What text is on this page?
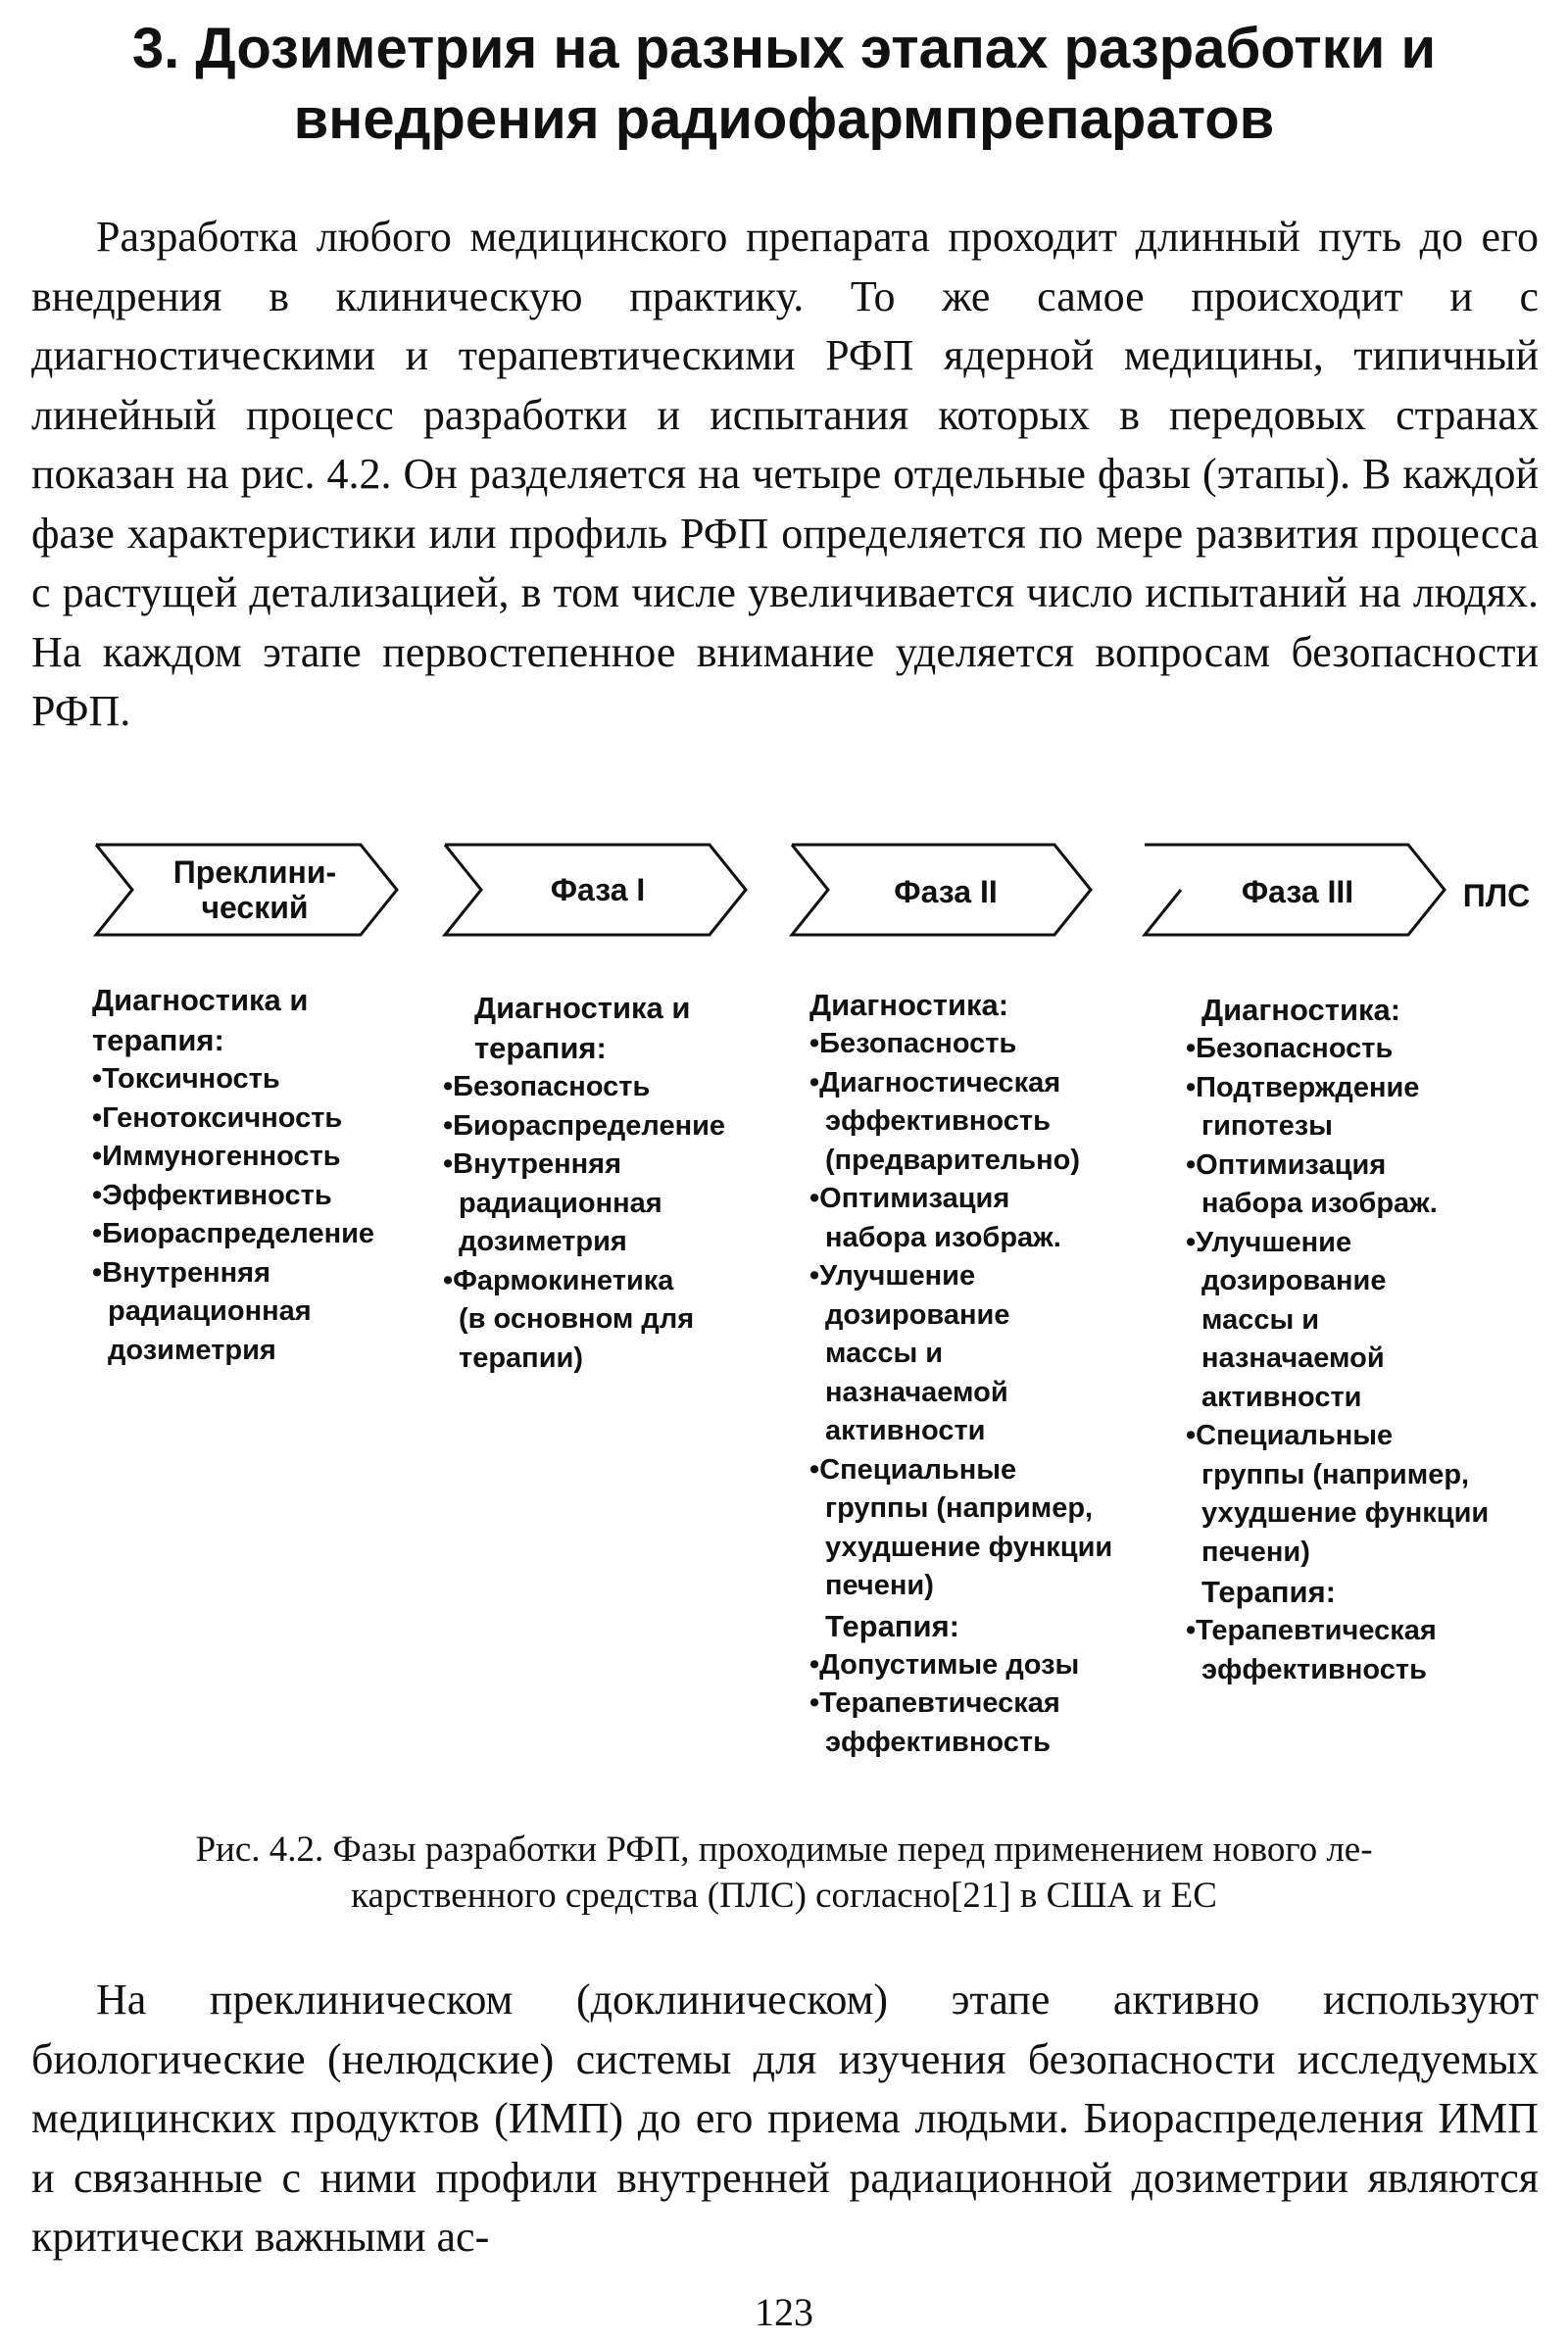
3. Дозиметрия на разных этапах разработки и
внедрения радиофармпрепаратов

Разработка любого медицинского препарата проходит длинный путь до его внедрения в клиническую практику. То же самое происходит и с диагностическими и терапевтическими РФП ядерной медицины, типичный линейный процесс разработки и испытания которых в передовых странах показан на рис. 4.2. Он разделяется на четыре отдельные фазы (этапы). В каждой фазе характеристики или профиль РФП определяется по мере развития процесса с растущей детализацией, в том числе увеличивается число испытаний на людях. На каждом этапе первостепенное внимание уделяется вопросам безопасности РФП.

Преклини-
ческий	Фаза I	Фаза II	Фаза III	ПЛС
Диагностика и
терапия:
•Токсичность
•Генотоксичность
•Иммуногенность
•Эффективность
•Биораспределение
•Внутренняя
радиационная
дозиметрия
Диагностика и
терапия:
•Безопасность
•Биораспределение
•Внутренняя
радиационная
дозиметрия
•Фармокинетика
(в основном для
терапии)
Диагностика:
•Безопасность
•Диагностическая
эффективность
(предварительно)
•Оптимизация
набора изображ.
•Улучшение
дозирование
массы и
назначаемой
активности
•Специальные
группы (например,
ухудшение функции
печени)
Терапия:
•Допустимые дозы
•Терапевтическая
эффективность
Диагностика:
•Безопасность
•Подтверждение
гипотезы
•Оптимизация
набора изображ.
•Улучшение
дозирование
массы и
назначаемой
активности
•Специальные
группы (например,
ухудшение функции
печени)
Терапия:
•Терапевтическая
эффективность

Рис. 4.2. Фазы разработки РФП, проходимые перед применением нового ле-
карственного средства (ПЛС) согласно[21] в США и ЕС

На преклиническом (доклиническом) этапе активно используют биологические (нелюдские) системы для изучения безопасности исследуемых медицинских продуктов (ИМП) до его приема людьми. Биораспределения ИМП и связанные с ними профили внутренней радиационной дозиметрии являются критически важными ас-

123
